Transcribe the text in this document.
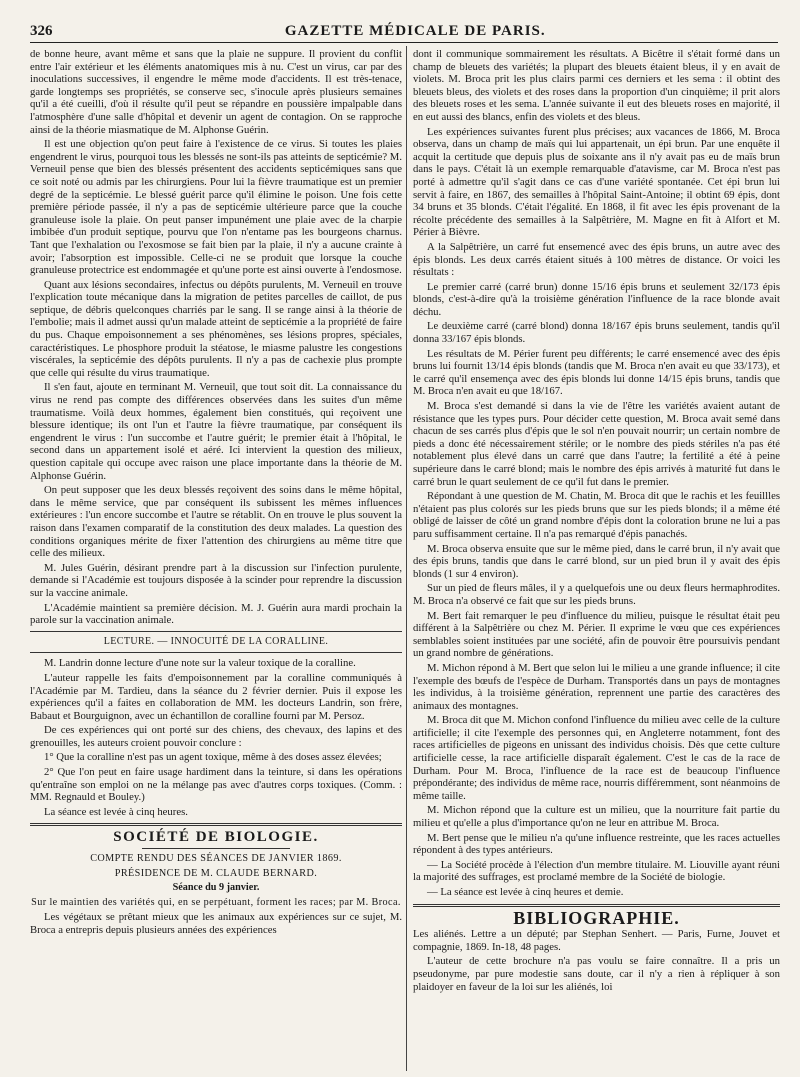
326	GAZETTE MÉDICALE DE PARIS.

de bonne heure, avant même et sans que la plaie ne suppure. Il provient du conflit entre l'air extérieur et les éléments anatomiques mis à nu. C'est un virus, car par des inoculations successives, il engendre le même mode d'accidents. Il est très-tenace, garde longtemps ses propriétés, se conserve sec, s'inocule après plusieurs semaines qu'il a été cueilli, d'où il résulte qu'il peut se répandre en poussière impalpable dans l'atmosphère d'une salle d'hôpital et devenir un agent de contagion. On se rapproche ainsi de la théorie miasmatique de M. Alphonse Guérin.

Il est une objection qu'on peut faire à l'existence de ce virus. Si toutes les plaies engendrent le virus, pourquoi tous les blessés ne sont-ils pas atteints de septicémie? M. Verneuil pense que bien des blessés présentent des accidents septicémiques sans que ce soit noté ou admis par les chirurgiens. Pour lui la fièvre traumatique est un premier degré de la septicémie. Le blessé guérit parce qu'il élimine le poison. Une fois cette première période passée, il n'y a pas de septicémie ultérieure parce que la couche granuleuse isole la plaie. On peut panser impunément une plaie avec de la charpie imbibée d'un produit septique, pourvu que l'on n'entame pas les bourgeons charnus. Tant que l'exhalation ou l'exosmose se fait bien par la plaie, il n'y a aucune crainte à avoir; l'absorption est impossible. Celle-ci ne se produit que lorsque la couche granuleuse protectrice est endommagée et qu'une porte est ainsi ouverte à l'endosmose.

Quant aux lésions secondaires, infectus ou dépôts purulents, M. Verneuil en trouve l'explication toute mécanique dans la migration de petites parcelles de caillot, de pus septique, de débris quelconques charriés par le sang. Il se range ainsi à la théorie de l'embolie; mais il admet aussi qu'un malade atteint de septicémie a la propriété de faire du pus. Chaque empoisonnement a ses phénomènes, ses lésions propres, spéciales, caractéristiques. Le phosphore produit la stéatose, le miasme palustre les congestions viscérales, la septicémie des dépôts purulents. Il n'y a pas de cachexie plus prompte que celle qui résulte du virus traumatique.

Il s'en faut, ajoute en terminant M. Verneuil, que tout soit dit. La connaissance du virus ne rend pas compte des différences observées dans les suites d'un même traumatisme. Voilà deux hommes, également bien constitués, qui reçoivent une blessure identique; ils ont l'un et l'autre la fièvre traumatique, par conséquent ils engendrent le virus : l'un succombe et l'autre guérit; le premier était à l'hôpital, le second dans un appartement isolé et aéré. Ici intervient la question des milieux, question capitale qui occupe avec raison une place importante dans la théorie de M. Alphonse Guérin.

On peut supposer que les deux blessés reçoivent des soins dans le même hôpital, dans le même service, que par conséquent ils subissent les mêmes influences extérieures : l'un encore succombe et l'autre se rétablit. On en trouve le plus souvent la raison dans l'examen comparatif de la constitution des deux malades. La question des conditions organiques mérite de fixer l'attention des chirurgiens au même titre que celle des milieux.

M. Jules Guérin, désirant prendre part à la discussion sur l'infection purulente, demande si l'Académie est toujours disposée à la scinder pour reprendre la discussion sur la vaccine animale.

L'Académie maintient sa première décision. M. J. Guérin aura mardi prochain la parole sur la vaccination animale.

LECTURE. — INNOCUITÉ DE LA CORALLINE.

M. Landrin donne lecture d'une note sur la valeur toxique de la coralline.

L'auteur rappelle les faits d'empoisonnement par la coralline communiqués à l'Académie par M. Tardieu, dans la séance du 2 février dernier. Puis il expose les expériences qu'il a faites en collaboration de MM. les docteurs Landrin, son frère, Babaut et Bourguignon, avec un échantillon de coralline fourni par M. Persoz.

De ces expériences qui ont porté sur des chiens, des chevaux, des lapins et des grenouilles, les auteurs croient pouvoir conclure :

1° Que la coralline n'est pas un agent toxique, même à des doses assez élevées;

2° Que l'on peut en faire usage hardiment dans la teinture, si dans les opérations qu'entraîne son emploi on ne la mélange pas avec d'autres corps toxiques. (Comm. : MM. Regnauld et Bouley.)

La séance est levée à cinq heures.

SOCIÉTÉ DE BIOLOGIE.

COMPTE RENDU DES SÉANCES DE JANVIER 1869.

PRÉSIDENCE DE M. CLAUDE BERNARD.

Séance du 9 janvier.

Sur le maintien des variétés qui, en se perpétuant, forment les races; par M. Broca.

Les végétaux se prêtant mieux que les animaux aux expériences sur ce sujet, M. Broca a entrepris depuis plusieurs années des expériences

dont il communique sommairement les résultats. A Bicêtre il s'était formé dans un champ de bleuets des variétés; la plupart des bleuets étaient bleus, il y en avait de violets. M. Broca prit les plus clairs parmi ces derniers et les sema : il obtint des bleuets bleus, des violets et des roses dans la proportion d'un cinquième; il prit alors des bleuets roses et les sema. L'année suivante il eut des bleuets roses en majorité, il en eut aussi des blancs, enfin des violets et des bleus.

Les expériences suivantes furent plus précises; aux vacances de 1866, M. Broca observa, dans un champ de maïs qui lui appartenait, un épi brun. Par une enquête il acquit la certitude que depuis plus de soixante ans il n'y avait pas eu de maïs brun dans le pays. C'était là un exemple remarquable d'atavisme, car M. Broca n'est pas porté à admettre qu'il s'agit dans ce cas d'une variété spontanée. Cet épi brun lui servit à faire, en 1867, des semailles à l'hôpital Saint-Antoine; il obtint 69 épis, dont 34 bruns et 35 blonds. C'était l'égalité. En 1868, il fit avec les épis provenant de la récolte précédente des semailles à la Salpêtrière, M. Magne en fit à Alfort et M. Périer à Bièvre.

A la Salpêtrière, un carré fut ensemencé avec des épis bruns, un autre avec des épis blonds. Les deux carrés étaient situés à 100 mètres de distance. Or voici les résultats :

Le premier carré (carré brun) donne 15/16 épis bruns et seulement 32/173 épis blonds, c'est-à-dire qu'à la troisième génération l'influence de la race blonde avait déchu.

Le deuxième carré (carré blond) donna 18/167 épis bruns seulement, tandis qu'il donna 33/167 épis blonds.

Les résultats de M. Périer furent peu différents; le carré ensemencé avec des épis bruns lui fournit 13/14 épis blonds (tandis que M. Broca n'en avait eu que 33/173), et le carré qu'il ensemença avec des épis blonds lui donne 14/15 épis bruns, tandis que M. Broca n'en avait eu que 18/167.

M. Broca s'est demandé si dans la vie de l'être les variétés avaient autant de résistance que les types purs. Pour décider cette question, M. Broca avait semé dans chacun de ses carrés plus d'épis que le sol n'en pouvait nourrir; un certain nombre de pieds a donc été nécessairement stérile; or le nombre des pieds stériles n'a pas été notablement plus élevé dans un carré que dans l'autre; la fertilité a été à peine supérieure dans le carré blond; mais le nombre des épis arrivés à maturité fut dans le carré brun le quart seulement de ce qu'il fut dans le premier.

Répondant à une question de M. Chatin, M. Broca dit que le rachis et les feuillles n'étaient pas plus colorés sur les pieds bruns que sur les pieds blonds; il a même été obligé de laisser de côté un grand nombre d'épis dont la coloration brune ne lui a pas paru suffisamment certaine. Il n'a pas remarqué d'épis panachés.

M. Broca observa ensuite que sur le même pied, dans le carré brun, il n'y avait que des épis bruns, tandis que dans le carré blond, sur un pied brun il y avait des épis blonds (1 sur 4 environ).

Sur un pied de fleurs mâles, il y a quelquefois une ou deux fleurs hermaphrodites. M. Broca n'a observé ce fait que sur les pieds bruns.

M. Bert fait remarquer le peu d'influence du milieu, puisque le résultat était peu différent à la Salpêtrière ou chez M. Périer. Il exprime le vœu que ces expériences semblables soient instituées par une société, afin de pouvoir être poursuivis pendant un grand nombre de générations.

M. Michon répond à M. Bert que selon lui le milieu a une grande influence; il cite l'exemple des bœufs de l'espèce de Durham. Transportés dans un pays de montagnes les individus, à la troisième génération, reprennent une partie des caractères des animaux des montagnes.

M. Broca dit que M. Michon confond l'influence du milieu avec celle de la culture artificielle; il cite l'exemple des personnes qui, en Angleterre notamment, font des races artificielles de pigeons en unissant des individus choisis. Dès que cette culture artificielle cesse, la race artificielle disparaît également. C'est le cas de la race de Durham. Pour M. Broca, l'influence de la race est de beaucoup l'influence prépondérante; des individus de même race, nourris différemment, sont néanmoins de même taille.

M. Michon répond que la culture est un milieu, que la nourriture fait partie du milieu et qu'elle a plus d'importance qu'on ne leur en attribue M. Broca.

M. Bert pense que le milieu n'a qu'une influence restreinte, que les races actuelles répondent à des types antérieurs.

— La Société procède à l'élection d'un membre titulaire. M. Liouville ayant réuni la majorité des suffrages, est proclamé membre de la Société de biologie.

— La séance est levée à cinq heures et demie.

BIBLIOGRAPHIE.

Les aliénés. Lettre a un député; par Stephan Senhert. — Paris, Furne, Jouvet et compagnie, 1869. In-18, 48 pages.

L'auteur de cette brochure n'a pas voulu se faire connaître. Il a pris un pseudonyme, par pure modestie sans doute, car il n'y a rien à répliquer à son plaidoyer en faveur de la loi sur les aliénés, loi
